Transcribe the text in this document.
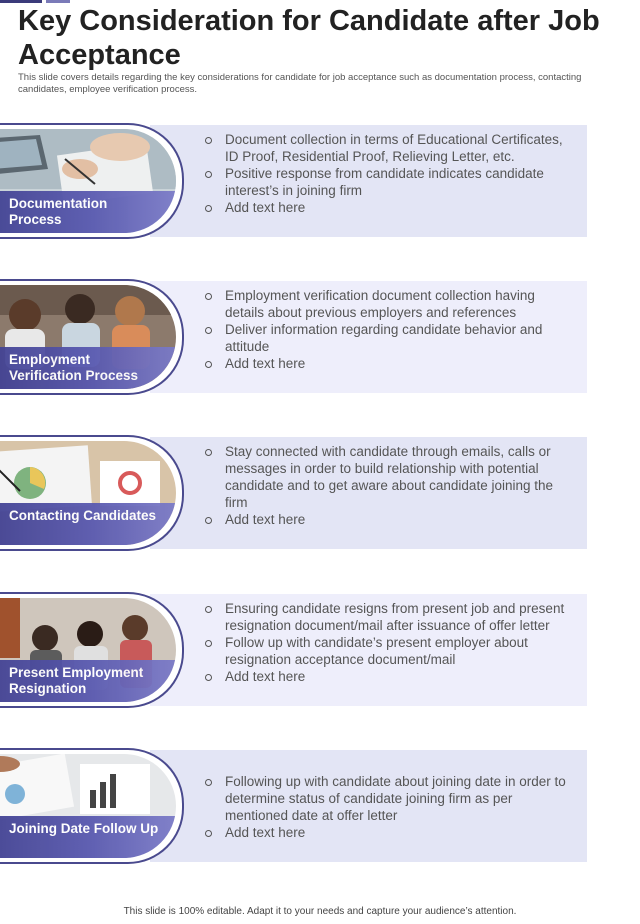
Key Consideration for Candidate after Job Acceptance
This slide covers details regarding the key considerations for candidate for job acceptance such as documentation process, contacting candidates, employee verification process.
Documentation Process
Document collection in terms of Educational Certificates, ID Proof, Residential Proof, Relieving Letter, etc.
Positive response from candidate indicates candidate interest’s in joining firm
Add text here
Employment Verification Process
Employment verification document collection having details about previous employers and references
Deliver information regarding candidate behavior and attitude
Add text here
Contacting Candidates
Stay connected with candidate through emails, calls or messages in order to build relationship with potential candidate and to get aware about candidate joining the firm
Add text here
Present Employment Resignation
Ensuring candidate resigns from present job and present resignation document/mail after issuance of offer letter
Follow up with candidate’s present employer about resignation acceptance document/mail
Add text here
Joining Date Follow Up
Following up with candidate about joining date in order to determine status of candidate joining firm as per mentioned date at offer letter
Add text here
This slide is 100% editable. Adapt it to your needs and capture your audience’s attention.
